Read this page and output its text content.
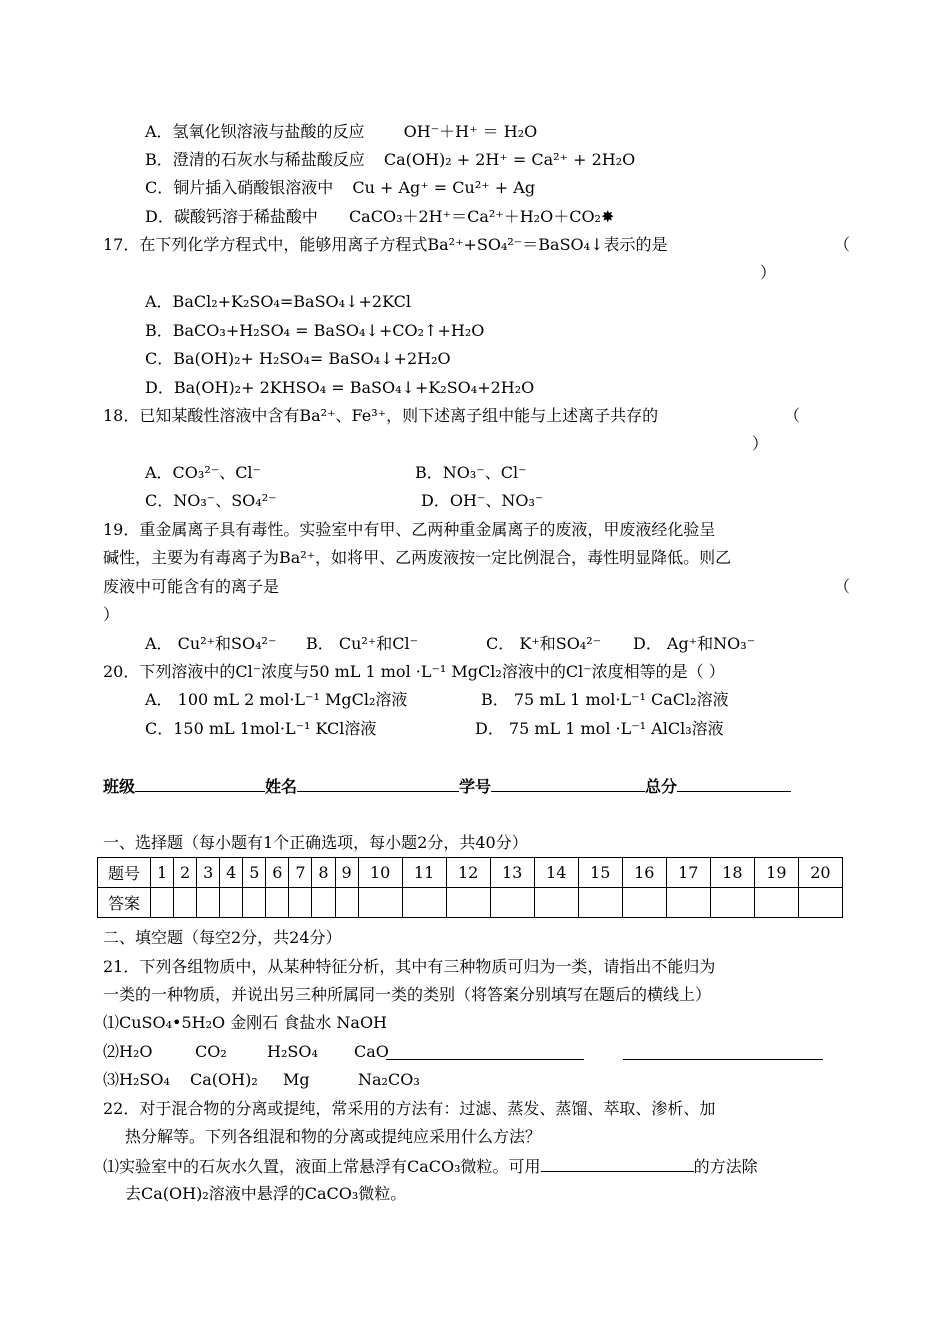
A．氢氧化钡溶液与盐酸的反应 OH⁻＋H⁺ ＝ H₂O
B．澄清的石灰水与稀盐酸反应 Ca(OH)₂ + 2H⁺ = Ca²⁺ + 2H₂O
C．铜片插入硝酸银溶液中 Cu + Ag⁺ = Cu²⁺ + Ag
D．碳酸钙溶于稀盐酸中 CaCO₃＋2H⁺＝Ca²⁺＋H₂O＋CO₂✸
17．在下列化学方程式中，能够用离子方程式Ba²⁺+SO₄²⁻＝BaSO₄↓表示的是	（
）
A．BaCl₂+K₂SO₄=BaSO₄↓+2KCl
B．BaCO₃+H₂SO₄ = BaSO₄↓+CO₂↑+H₂O
C．Ba(OH)₂+ H₂SO₄= BaSO₄↓+2H₂O
D．Ba(OH)₂+ 2KHSO₄ = BaSO₄↓+K₂SO₄+2H₂O
18．已知某酸性溶液中含有Ba²⁺、Fe³⁺，则下述离子组中能与上述离子共存的	（
）
A．CO₃²⁻、Cl⁻	B．NO₃⁻、Cl⁻
C．NO₃⁻、SO₄²⁻	D．OH⁻、NO₃⁻
19．重金属离子具有毒性。实验室中有甲、乙两种重金属离子的废液，甲废液经化验呈
碱性，主要为有毒离子为Ba²⁺，如将甲、乙两废液按一定比例混合，毒性明显降低。则乙
废液中可能含有的离子是	（
）
A． Cu²⁺和SO₄²⁻ B． Cu²⁺和Cl⁻	C． K⁺和SO₄²⁻ D． Ag⁺和NO₃⁻
20．下列溶液中的Cl⁻浓度与50 mL 1 mol ·L⁻¹ MgCl₂溶液中的Cl⁻浓度相等的是（ ）
A． 100 mL 2 mol·L⁻¹ MgCl₂溶液	B． 75 mL 1 mol·L⁻¹ CaCl₂溶液
C．150 mL 1mol·L⁻¹ KCl溶液	D． 75 mL 1 mol ·L⁻¹ AlCl₃溶液
班级	姓名	学号	总分
一、选择题（每小题有1个正确选项，每小题2分，共40分）
题号	1	2	3	4	5	6	7	8	9	10	11	12	13	14	15	16	17	18	19	20
答案																				
二、填空题（每空2分，共24分）
21．下列各组物质中，从某种特征分析，其中有三种物质可归为一类，请指出不能归为
一类的一种物质，并说出另三种所属同一类的类别（将答案分别填写在题后的横线上）
⑴CuSO₄•5H₂O 金刚石 食盐水 NaOH
⑵H₂O	CO₂	H₂SO₄ CaO
⑶H₂SO₄ Ca(OH)₂ Mg	Na₂CO₃
22．对于混合物的分离或提纯，常采用的方法有：过滤、蒸发、蒸馏、萃取、渗析、加
热分解等。下列各组混和物的分离或提纯应采用什么方法？
⑴实验室中的石灰水久置，液面上常悬浮有CaCO₃微粒。可用	的方法除
去Ca(OH)₂溶液中悬浮的CaCO₃微粒。
